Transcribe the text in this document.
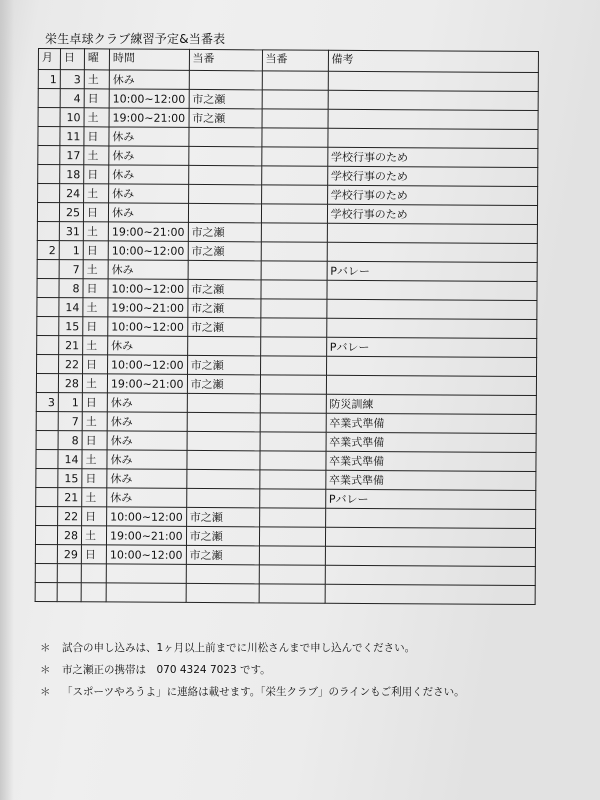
栄生卓球クラブ練習予定&当番表
月	日	曜	時間	当番	当番	備考
1	3	土	休み			
	4	日	10:00~12:00	市之瀬		
	10	土	19:00~21:00	市之瀬		
	11	日	休み			
	17	土	休み			学校行事のため
	18	日	休み			学校行事のため
	24	土	休み			学校行事のため
	25	日	休み			学校行事のため
	31	土	19:00~21:00	市之瀬		
2	1	日	10:00~12:00	市之瀬		
	7	土	休み			Pバレー
	8	日	10:00~12:00	市之瀬		
	14	土	19:00~21:00	市之瀬		
	15	日	10:00~12:00	市之瀬		
	21	土	休み			Pバレー
	22	日	10:00~12:00	市之瀬		
	28	土	19:00~21:00	市之瀬		
3	1	日	休み			防災訓練
	7	土	休み			卒業式準備
	8	日	休み			卒業式準備
	14	土	休み			卒業式準備
	15	日	休み			卒業式準備
	21	土	休み			Pバレー
	22	日	10:00~12:00	市之瀬		
	28	土	19:00~21:00	市之瀬		
	29	日	10:00~12:00	市之瀬		

＊	試合の申し込みは、1ヶ月以上前までに川松さんまで申し込んでください。
＊	市之瀬正の携帯は　070 4324 7023 です。
＊	「スポーツやろうよ」に連絡は載せます。「栄生クラブ」のラインもご利用ください。
